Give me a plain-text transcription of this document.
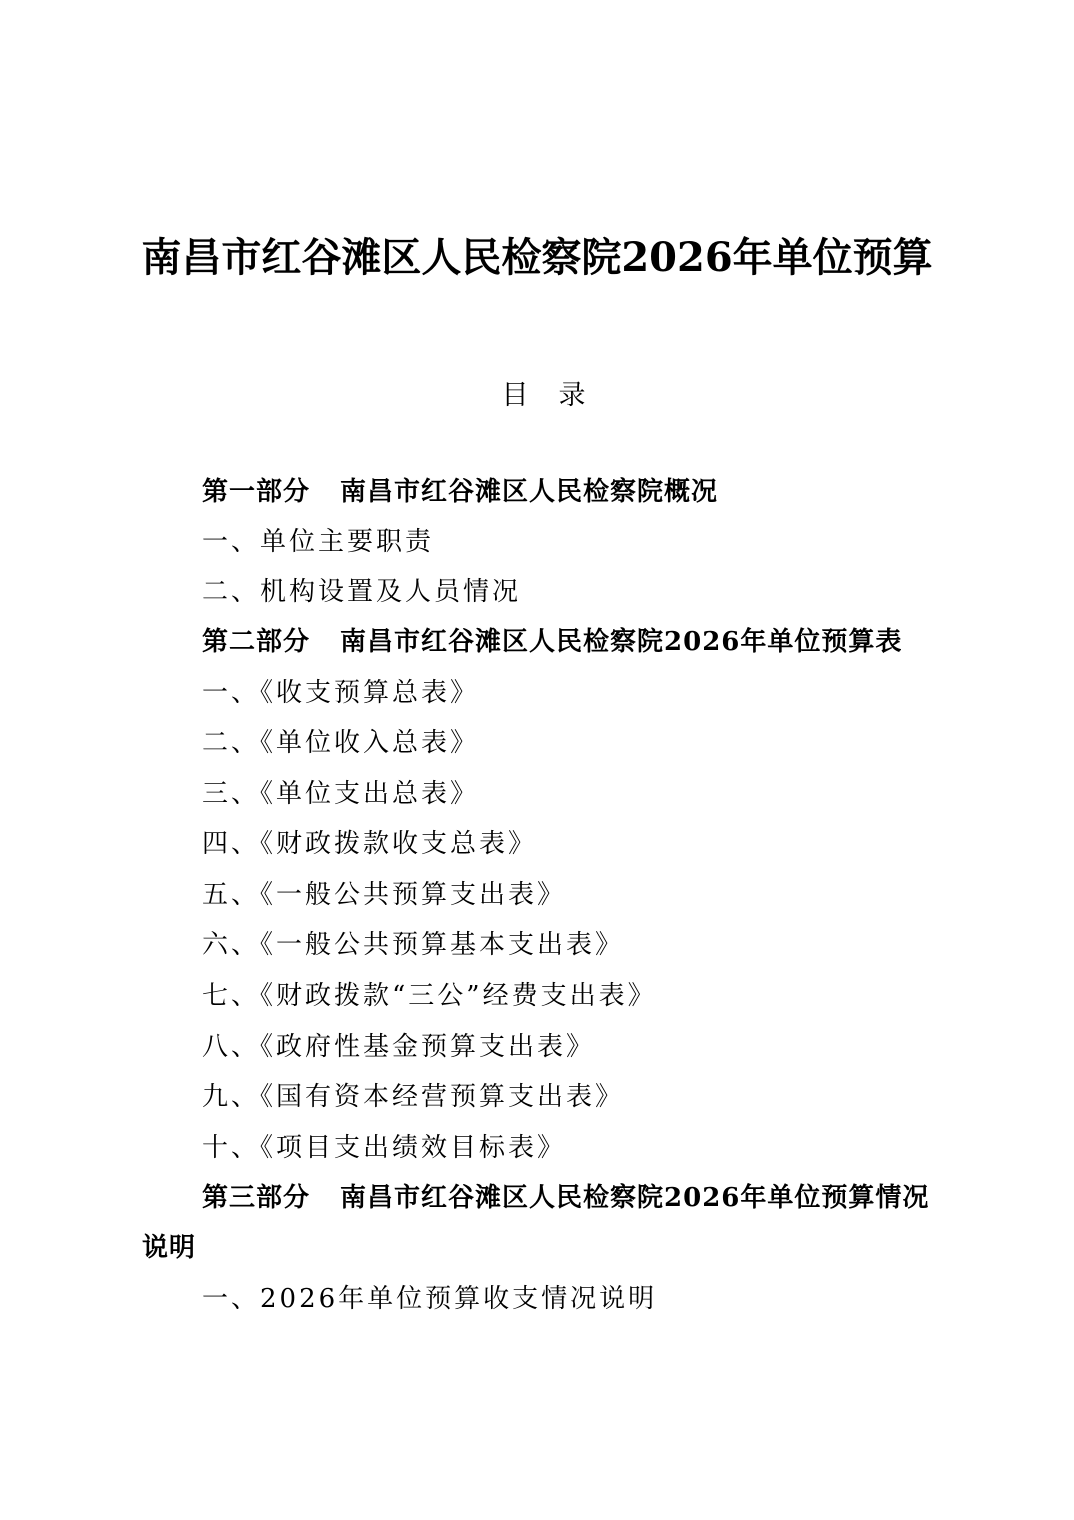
南昌市红谷滩区人民检察院2026年单位预算
目 录
第一部分 南昌市红谷滩区人民检察院概况
一、单位主要职责
二、机构设置及人员情况
第二部分 南昌市红谷滩区人民检察院2026年单位预算表
一、《收支预算总表》
二、《单位收入总表》
三、《单位支出总表》
四、《财政拨款收支总表》
五、《一般公共预算支出表》
六、《一般公共预算基本支出表》
七、《财政拨款“三公”经费支出表》
八、《政府性基金预算支出表》
九、《国有资本经营预算支出表》
十、《项目支出绩效目标表》
第三部分 南昌市红谷滩区人民检察院2026年单位预算情况
说明
一、2026年单位预算收支情况说明
